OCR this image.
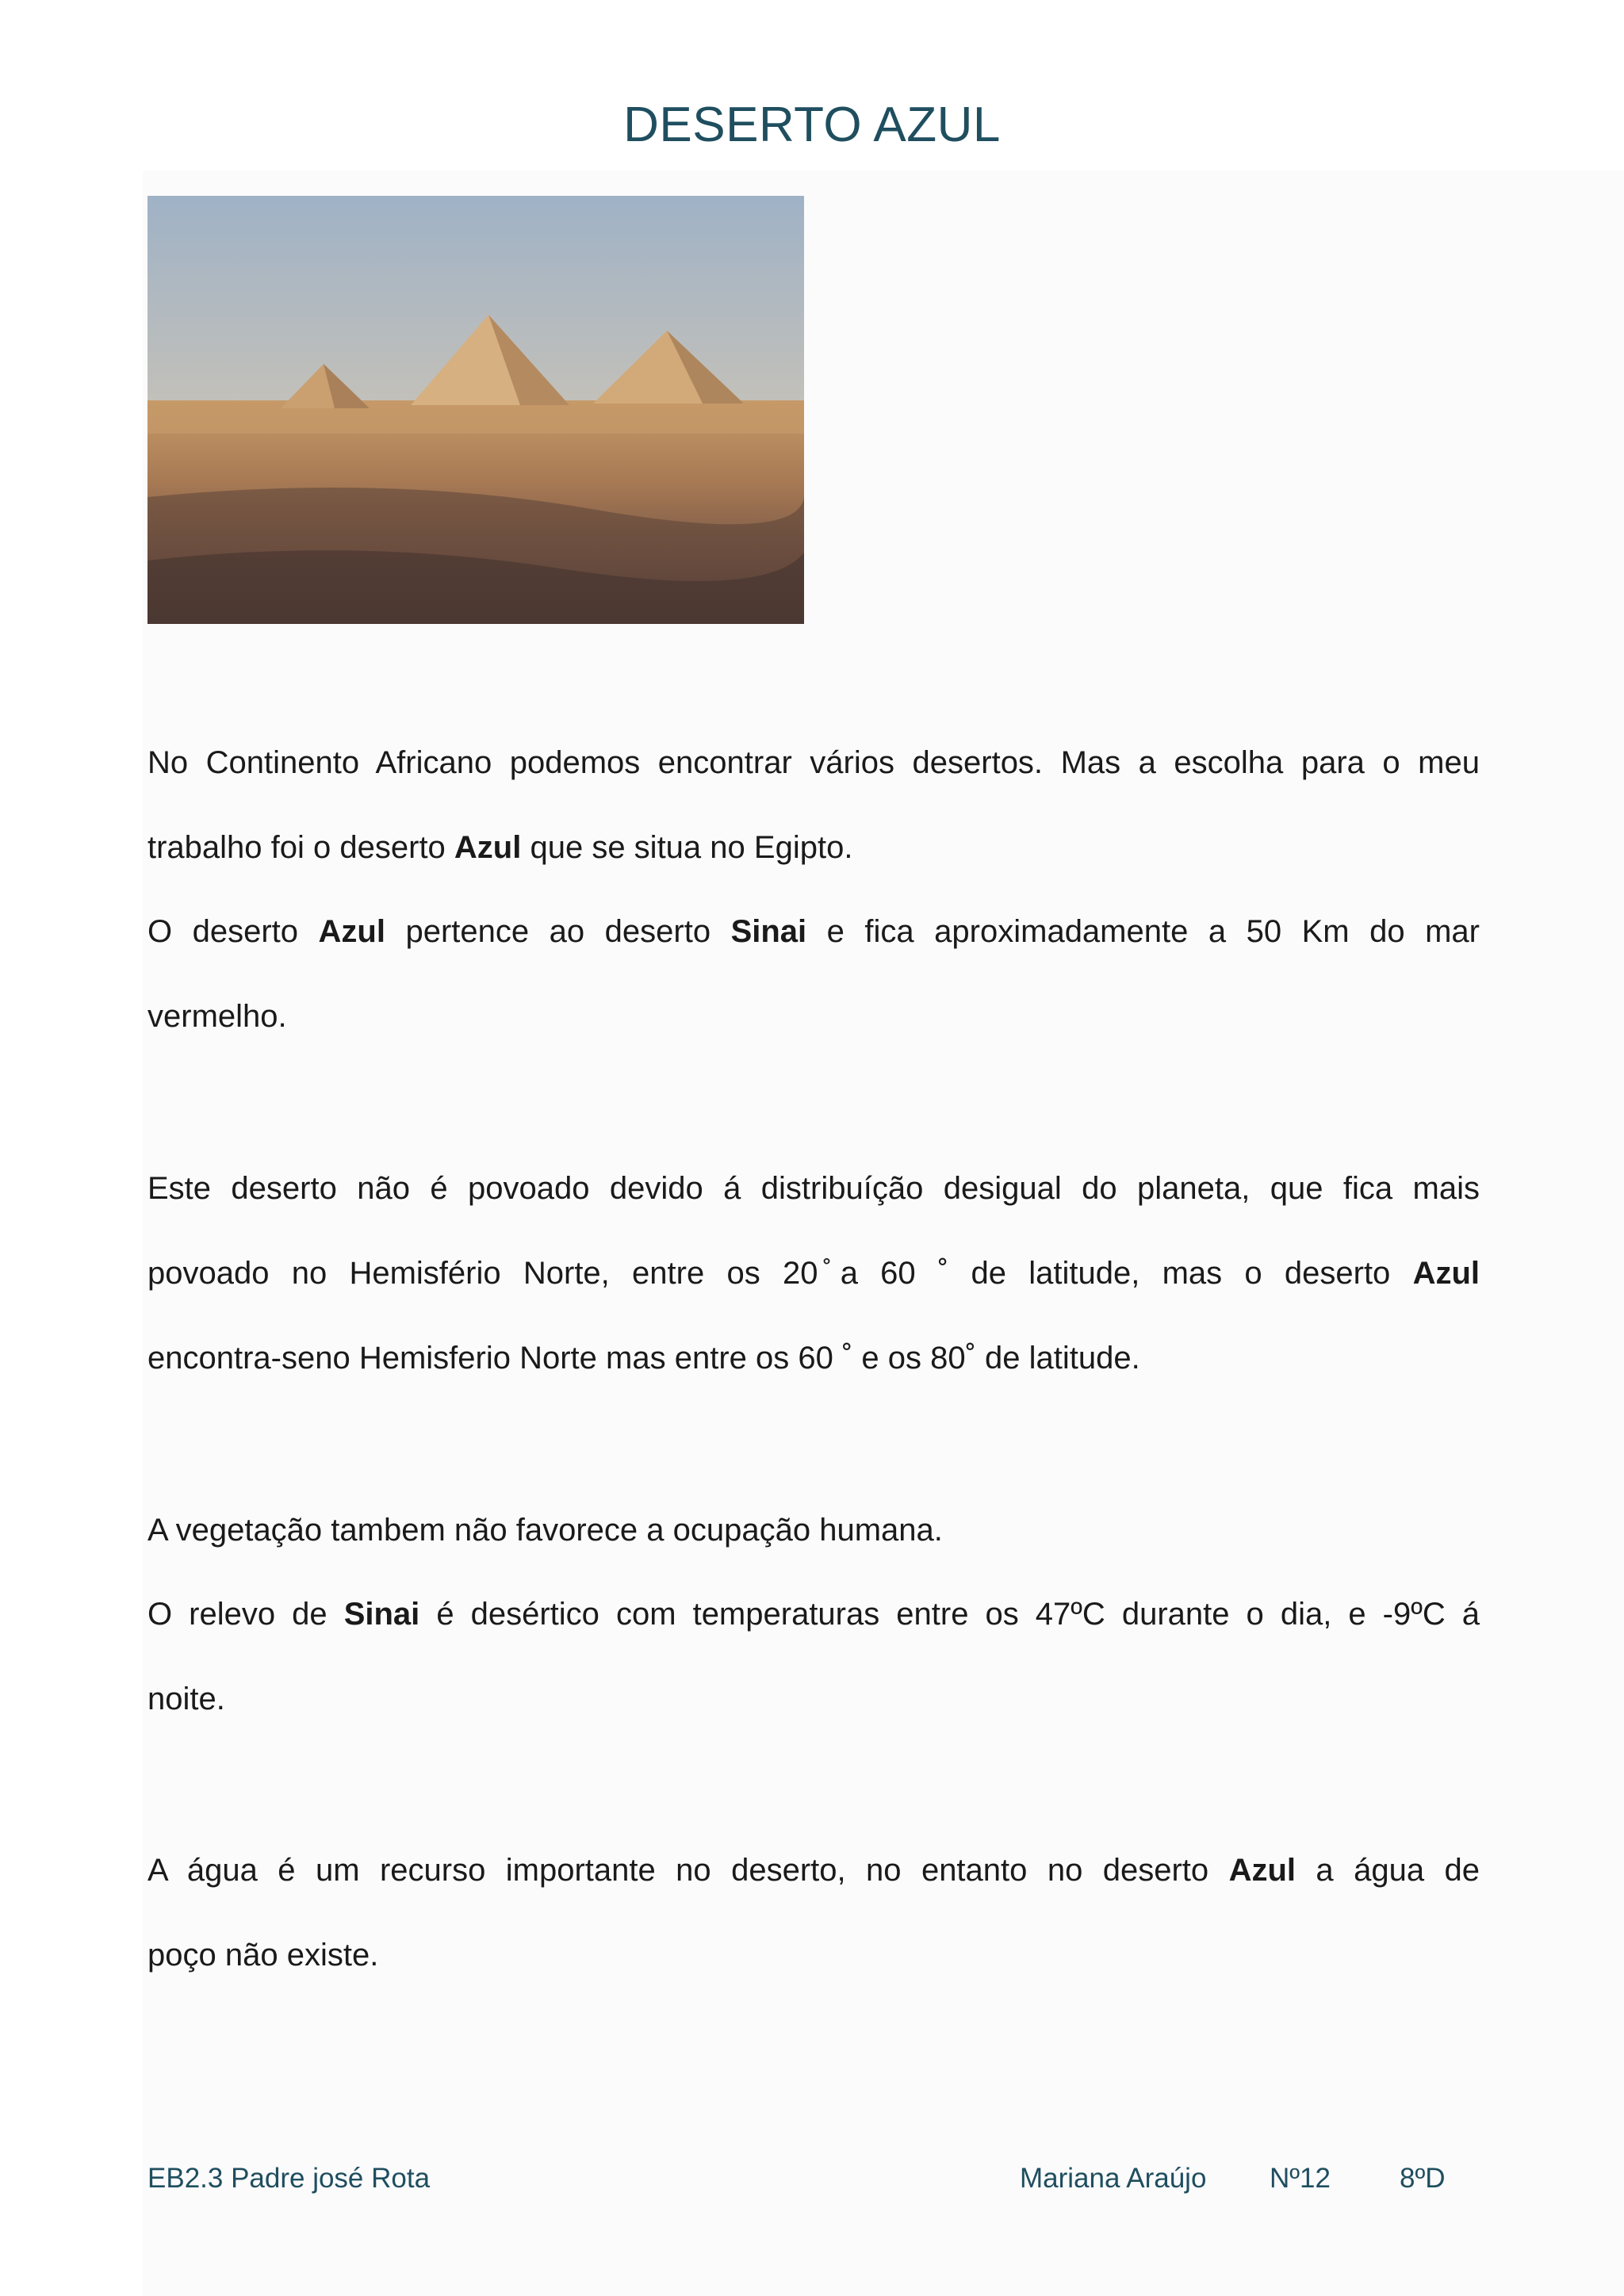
DESERTO AZUL
No Continento Africano podemos encontrar vários desertos. Mas a escolha para o meu
trabalho foi o deserto Azul que se situa no Egipto.
O deserto Azul pertence ao deserto Sinai e fica aproximadamente a 50 Km do mar
vermelho.
Este deserto não é povoado devido á distribuíção desigual do planeta, que fica mais
povoado no Hemisfério Norte, entre os 20 ̊a 60 ˚ de latitude, mas o deserto Azul
encontra-seno Hemisferio Norte mas entre os 60 ˚ e os 80˚ de latitude.
A vegetação tambem não favorece a ocupação humana.
O relevo de Sinai é desértico com temperaturas entre os 47ºC durante o dia, e -9ºC á
noite.
A água é um recurso importante no deserto, no entanto no deserto Azul a água de
poço não existe.
EB2.3 Padre josé Rota	Mariana Araújo Nº12 8ºD
